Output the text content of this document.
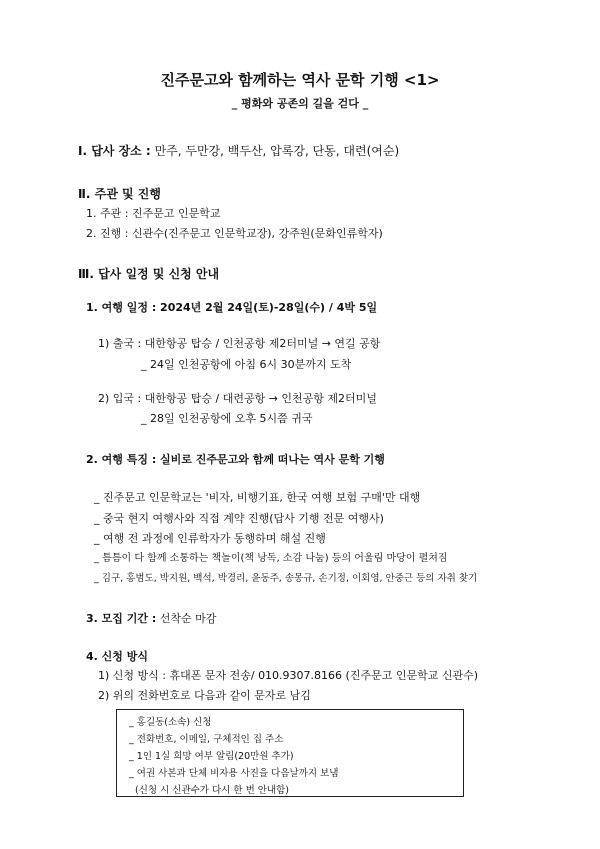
진주문고와 함께하는 역사 문학 기행 <1>
_ 평화와 공존의 길을 걷다 _
Ⅰ. 답사 장소 : 만주, 두만강, 백두산, 압록강, 단동, 대련(여순)
Ⅱ. 주관 및 진행
1. 주관 : 진주문고 인문학교
2. 진행 : 신관수(진주문고 인문학교장), 강주원(문화인류학자)
Ⅲ. 답사 일정 및 신청 안내
1. 여행 일정 : 2024년 2월 24일(토)-28일(수) / 4박 5일
1) 출국 : 대한항공 탑승 / 인천공항 제2터미널 → 연길 공항
_ 24일 인천공항에 아침 6시 30분까지 도착
2) 입국 : 대한항공 탑승 / 대련공항 → 인천공항 제2터미널
_ 28일 인천공항에 오후 5시쯤 귀국
2. 여행 특징 : 실비로 진주문고와 함께 떠나는 역사 문학 기행
_ 진주문고 인문학교는 '비자, 비행기표, 한국 여행 보험 구매'만 대행
_ 중국 현지 여행사와 직접 계약 진행(답사 기행 전문 여행사)
_ 여행 전 과정에 인류학자가 동행하며 해설 진행
_ 틈틈이 다 함께 소통하는 책놀이(책 낭독, 소감 나눔) 등의 어울림 마당이 펼쳐짐
_ 김구, 홍범도, 박지원, 백석, 박경리, 윤동주, 송몽규, 손기정, 이회영, 안중근 등의 자취 찾기
3. 모집 기간 : 선착순 마감
4. 신청 방식
1) 신청 방식 : 휴대폰 문자 전송/ 010.9307.8166 (진주문고 인문학교 신관수)
2) 위의 전화번호로 다음과 같이 문자로 남김
_ 홍길동(소속) 신청
_ 전화번호, 이메일, 구체적인 집 주소
_ 1인 1실 희망 여부 알림(20만원 추가)
_ 여권 사본과 단체 비자용 사진을 다음날까지 보냄
(신청 시 신관수가 다시 한 번 안내함)
